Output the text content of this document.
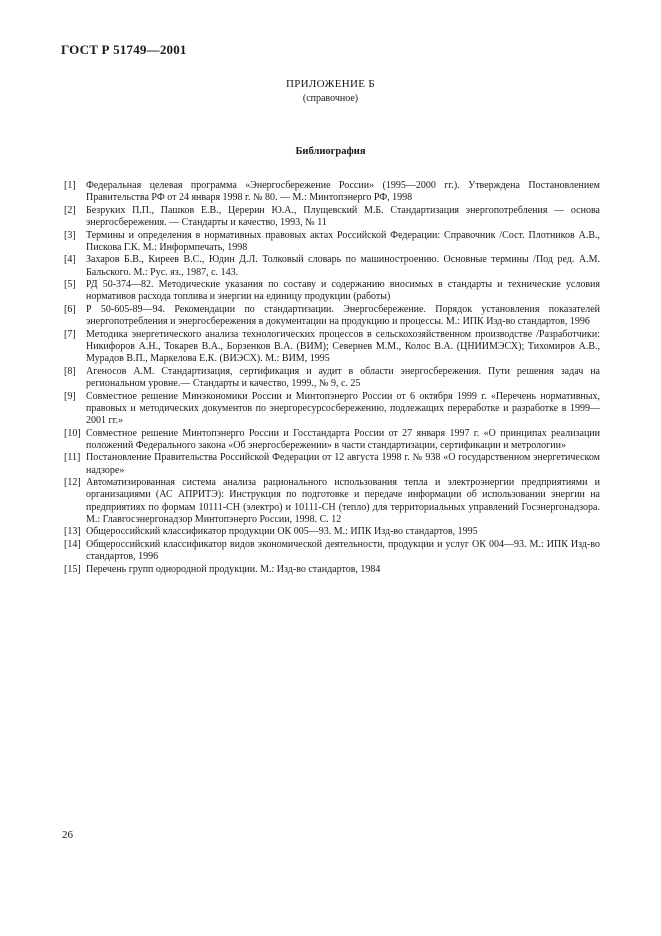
ГОСТ Р 51749—2001
ПРИЛОЖЕНИЕ Б
(справочное)
Библиография
[1]	Федеральная целевая программа «Энергосбережение России» (1995—2000 гг.). Утверждена Постановлением Правительства РФ от 24 января 1998 г. № 80. — М.: Минтопэнерго РФ, 1998
[2]	Безруких П.П., Пашков Е.В., Церерин Ю.А., Плущевский М.Б. Стандартизация энергопотребления — основа энергосбережения. — Стандарты и качество, 1993, № 11
[3]	Термины и определения в нормативных правовых актах Российской Федерации: Справочник /Сост. Плотников А.В., Пискова Г.К. М.: Информпечать, 1998
[4]	Захаров Б.В., Киреев В.С., Юдин Д.Л. Толковый словарь по машиностроению. Основные термины /Под ред. А.М. Бальского. М.: Рус. яз., 1987, с. 143.
[5]	РД 50-374—82. Методические указания по составу и содержанию вносимых в стандарты и технические условия нормативов расхода топлива и энергии на единицу продукции (работы)
[6]	Р 50-605-89—94. Рекомендации по стандартизации. Энергосбережение. Порядок установления показателей энергопотребления и энергосбережения в документации на продукцию и процессы. М.: ИПК Изд-во стандартов, 1996
[7]	Методика энергетического анализа технологических процессов в сельскохозяйственном производстве /Разработчики: Никифоров А.Н., Токарев В.А., Борзенков В.А. (ВИМ); Севернев М.М., Колос В.А. (ЦНИИМЭСХ); Тихомиров А.В., Мурадов В.П., Маркелова Е.К. (ВИЭСХ). М.: ВИМ, 1995
[8]	Агеносов А.М. Стандартизация, сертификация и аудит в области энергосбережения. Пути решения задач на региональном уровне.— Стандарты и качество, 1999., № 9, с. 25
[9]	Совместное решение Минэкономики России и Минтопэнерго России от 6 октября 1999 г. «Перечень нормативных, правовых и методических документов по энергоресурсосбережению, подлежащих переработке и разработке в 1999—2001 гг.»
[10] Совместное решение Минтопэнерго России и Госстандарта России от 27 января 1997 г. «О принципах реализации положений Федерального закона «Об энергосбережении» в части стандартизации, сертификации и метрологии»
[11] Постановление Правительства Российской Федерации от 12 августа 1998 г. № 938 «О государственном энергетическом надзоре»
[12] Автоматизированная система анализа рационального использования тепла и электроэнергии предприятиями и организациями (АС АПРИТЭ): Инструкция по подготовке и передаче информации об использовании энергии на предприятиях по формам 10111-СН (электро) и 10111-СН (тепло) для территориальных управлений Госэнергонадзора. М.: Главгосэнергонадзор Минтопэнерго России, 1998. С. 12
[13] Общероссийский классификатор продукции ОК 005—93. М.: ИПК Изд-во стандартов, 1995
[14] Общероссийский классификатор видов экономической деятельности, продукции и услуг ОК 004—93. М.: ИПК Изд-во стандартов, 1996
[15] Перечень групп однородной продукции. М.: Изд-во стандартов, 1984
26
